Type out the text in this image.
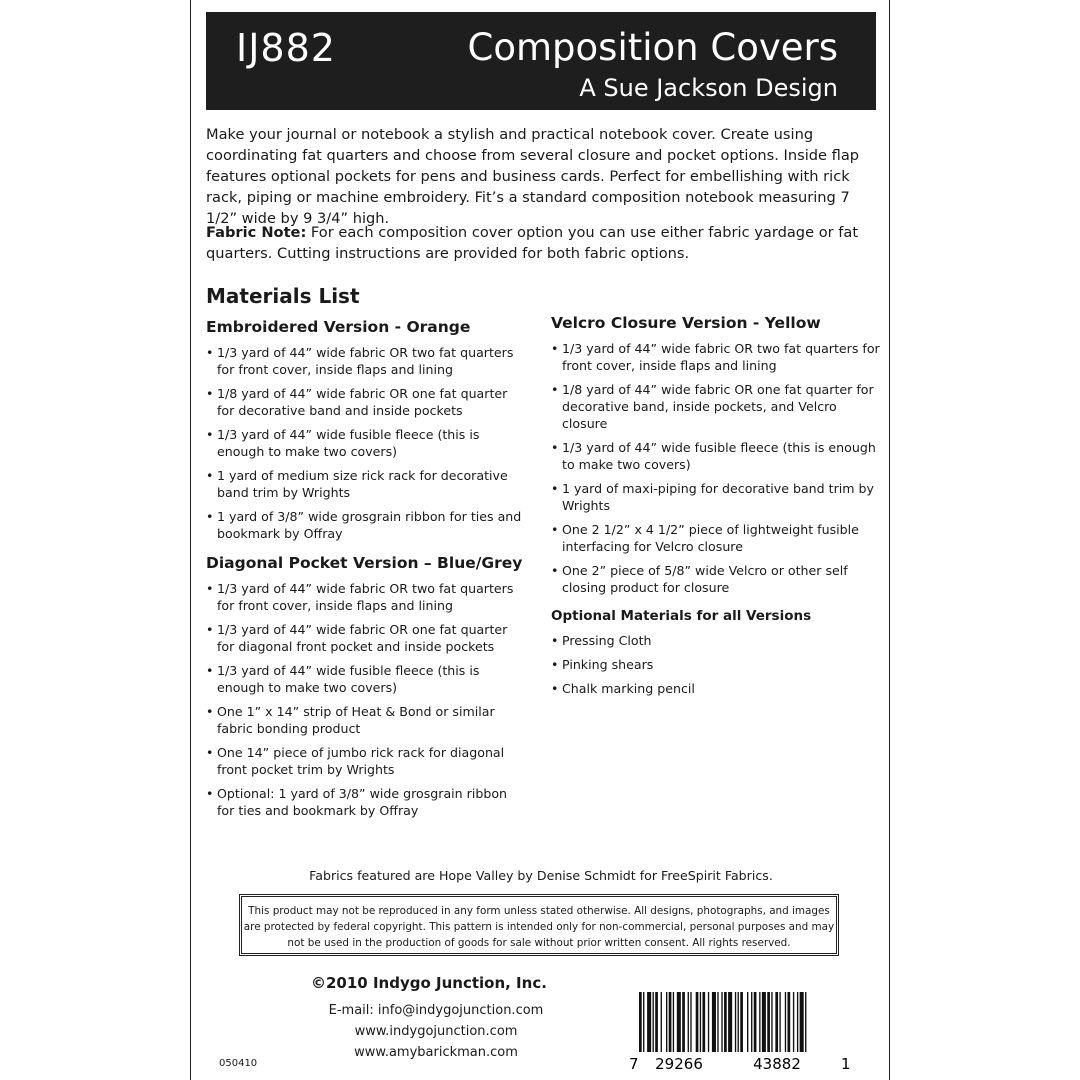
IJ882	Composition Covers
A Sue Jackson Design
Make your journal or notebook a stylish and practical notebook cover. Create using coordinating fat quarters and choose from several closure and pocket options. Inside flap features optional pockets for pens and business cards. Perfect for embellishing with rick rack, piping or machine embroidery. Fit’s a standard composition notebook measuring 7 1/2” wide by 9 3/4” high.
Fabric Note: For each composition cover option you can use either fabric yardage or fat quarters. Cutting instructions are provided for both fabric options.
Materials List
Embroidered Version - Orange
• 1/3 yard of 44” wide fabric OR two fat quarters for front cover, inside flaps and lining
• 1/8 yard of 44” wide fabric OR one fat quarter for decorative band and inside pockets
• 1/3 yard of 44” wide fusible fleece (this is enough to make two covers)
• 1 yard of medium size rick rack for decorative band trim by Wrights
• 1 yard of 3/8” wide grosgrain ribbon for ties and bookmark by Offray
Diagonal Pocket Version – Blue/Grey
• 1/3 yard of 44” wide fabric OR two fat quarters for front cover, inside flaps and lining
• 1/3 yard of 44” wide fabric OR one fat quarter for diagonal front pocket and inside pockets
• 1/3 yard of 44” wide fusible fleece (this is enough to make two covers)
• One 1” x 14” strip of Heat & Bond or similar fabric bonding product
• One 14” piece of jumbo rick rack for diagonal front pocket trim by Wrights
• Optional: 1 yard of 3/8” wide grosgrain ribbon for ties and bookmark by Offray
Velcro Closure Version - Yellow
• 1/3 yard of 44” wide fabric OR two fat quarters for front cover, inside flaps and lining
• 1/8 yard of 44” wide fabric OR one fat quarter for decorative band, inside pockets, and Velcro closure
• 1/3 yard of 44” wide fusible fleece (this is enough to make two covers)
• 1 yard of maxi-piping for decorative band trim by Wrights
• One 2 1/2” x 4 1/2” piece of lightweight fusible interfacing for Velcro closure
• One 2” piece of 5/8” wide Velcro or other self closing product for closure
Optional Materials for all Versions
• Pressing Cloth
• Pinking shears
• Chalk marking pencil
Fabrics featured are Hope Valley by Denise Schmidt for FreeSpirit Fabrics.
This product may not be reproduced in any form unless stated otherwise. All designs, photographs, and images are protected by federal copyright. This pattern is intended only for non-commercial, personal purposes and may not be used in the production of goods for sale without prior written consent. All rights reserved.
©2010 Indygo Junction, Inc.
E-mail: info@indygojunction.com
www.indygojunction.com
www.amybarickman.com
050410	7 29266	43882	1
